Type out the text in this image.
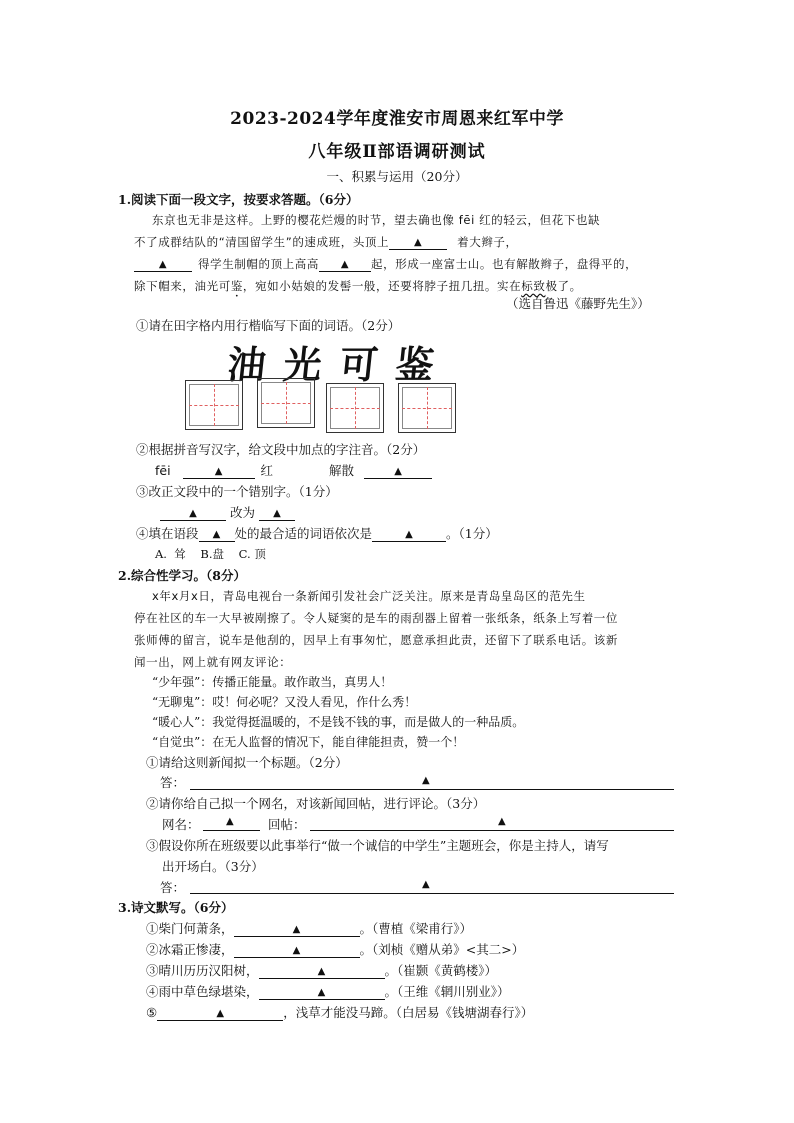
2023-2024学年度淮安市周恩来红军中学
八年级Ⅱ部语调研测试
一、积累与运用（20分）
1.阅读下面一段文字，按要求答题。（6分）
东京也无非是这样。上野的樱花烂熳的时节，望去确也像 fēi 红的轻云，但花下也缺
不了成群结队的“清国留学生”的速成班，头顶上 ▲	着大辫子，
▲	得学生制帽的顶上高高 ▲ 起，形成一座富士山。也有解散辫子，盘得平的，
除下帽来，油光可鉴，宛如小姑娘的发髻一般，还要将脖子扭几扭。实在标致极了。
（选自鲁迅《藤野先生》）
①请在田字格内用行楷临写下面的词语。（2分）
油光可鉴
②根据拼音写汉字，给文段中加点的字注音。（2分）
fēi	▲	红	解散	▲
③改正文段中的一个错别字。（1分）
▲	改为 ▲
④填在语段 ▲ 处的最合适的词语依次是	▲	。（1分）
A.  耸    B.盘    C. 顶
2.综合性学习。（8分）
x年x月x日，青岛电视台一条新闻引发社会广泛关注。原来是青岛皇岛区的范先生
停在社区的车一大早被剐擦了。令人疑窦的是车的雨刮器上留着一张纸条，纸条上写着一位
张师傅的留言，说车是他刮的，因早上有事匆忙，愿意承担此责，还留下了联系电话。该新
闻一出，网上就有网友评论：
“少年强”：传播正能量。敢作敢当，真男人！
“无聊鬼”：哎！何必呢？又没人看见，作什么秀！
“暖心人”：我觉得挺温暖的，不是钱不钱的事，而是做人的一种品质。
“自觉虫”：在无人监督的情况下，能自律能担责，赞一个！
①请给这则新闻拟一个标题。（2分）
答：	▲
②请你给自己拟一个网名，对该新闻回帖，进行评论。（3分）
网名：	▲	回帖：	▲
③假设你所在班级要以此事举行“做一个诚信的中学生”主题班会，你是主持人，请写
出开场白。（3分）
答：	▲
3.诗文默写。（6分）
①柴门何萧条，	▲	。（曹植《梁甫行》）
②冰霜正惨凄，	▲	。（刘桢《赠从弟》<其二>）
③晴川历历汉阳树，	▲	。（崔颢《黄鹤楼》）
④雨中草色绿堪染，	▲	。（王维《辋川别业》）
⑤	▲	，浅草才能没马蹄。（白居易《钱塘湖春行》）
